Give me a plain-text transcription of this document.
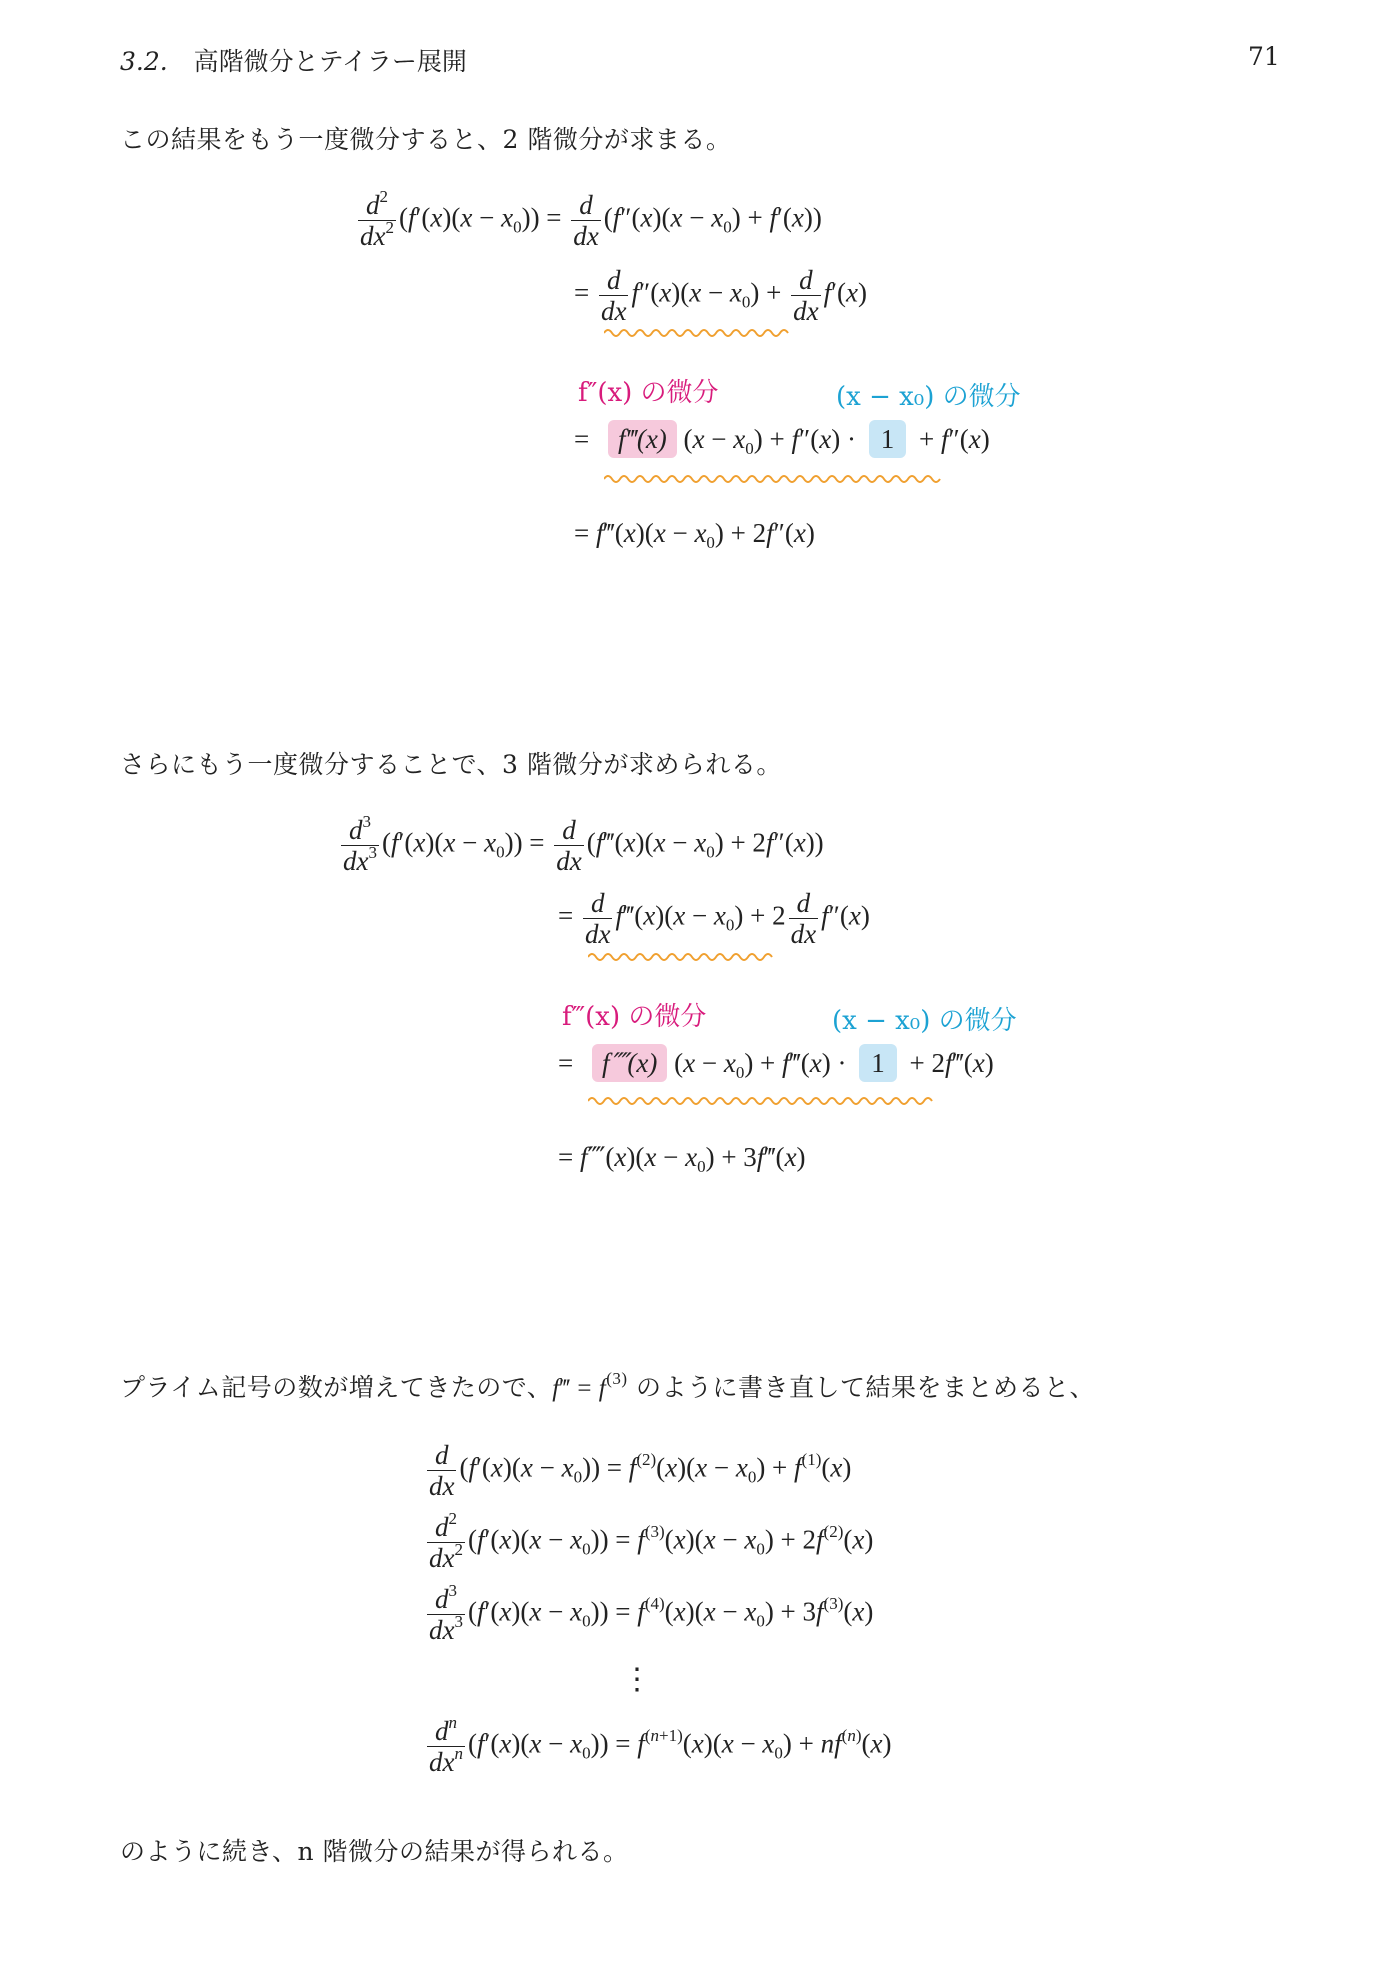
3.2. 高階微分とテイラー展開	71
この結果をもう一度微分すると、2 階微分が求まる。
$\frac{d^2}{dx^2} (f'(x)(x - x_0)) = \frac{d}{dx} (f''(x)(x - x_0) + f'(x))$
= $\frac{d}{dx} f''(x)(x - x_0) + \frac{d}{dx} f'(x)$
f″(x) の微分	(x − x₀) の微分
= f‴(x) $(x - x_0) + f''(x) \cdot 1 + f''(x)$
= f‴(x)(x − $x_0) + 2f''(x)$
さらにもう一度微分することで、3 階微分が求められる。
$\frac{d^3}{dx^3} (f'(x)(x - x_0)) = \frac{d}{dx}$ (f‴(x)(x − $x_0) + 2f''(x)$)
= $\frac{d}{dx}$ f‴(x)(x − $x_0) + 2 \frac{d}{dx} f''(x)$
f‴(x) の微分	(x − x₀) の微分
= f⁗(x) $(x - x_0)$ + f‴(x) · 1 + 2f‴(x)
= f⁗(x)(x − $x_0$) + 3f‴(x)
プライム記号の数が増えてきたので、f‴ = $f^{(3)}$ のように書き直して結果をまとめると、
$\frac{d}{dx} (f'(x)(x - x_0)) = f^{(2)}(x)(x - x_0) + f^{(1)}(x)$
$\frac{d^2}{dx^2} (f'(x)(x - x_0)) = f^{(3)}(x)(x - x_0) + 2f^{(2)}(x)$
$\frac{d^3}{dx^3} (f'(x)(x - x_0)) = f^{(4)}(x)(x - x_0) + 3f^{(3)}(x)$
⋮
$\frac{d^n}{dx^n} (f'(x)(x - x_0)) = f^{(n+1)}(x)(x - x_0) + nf^{(n)}(x)$
のように続き、n 階微分の結果が得られる。
